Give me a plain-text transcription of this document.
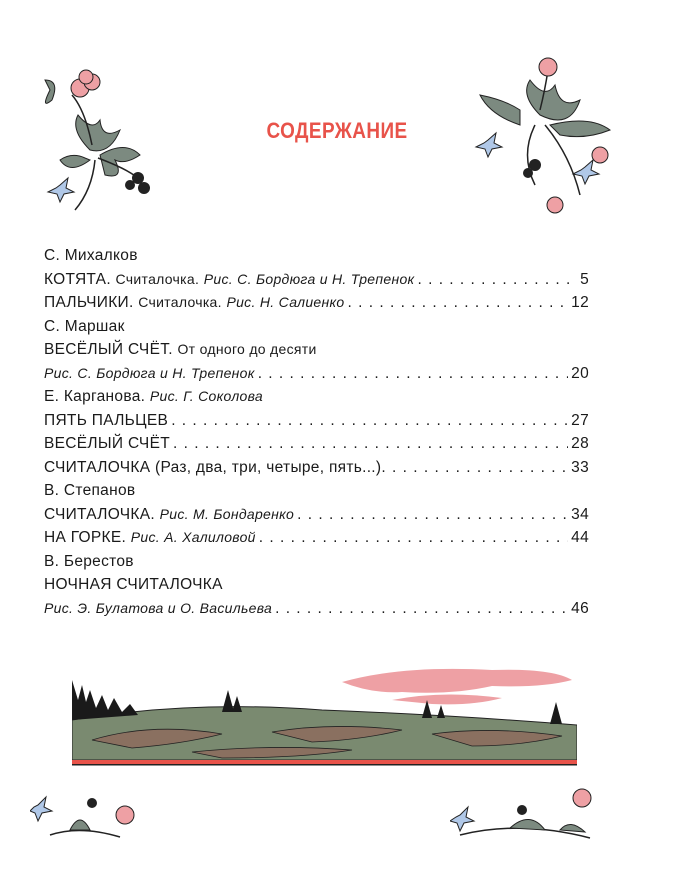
СОДЕРЖАНИЕ
С. Михалков
КОТЯТА. Считалочка. Рис. С. Бордюга и Н. Трепенок . . .	5
ПАЛЬЧИКИ. Считалочка. Рис. Н. Салиенко . . .	12
С. Маршак
ВЕСЁЛЫЙ СЧЁТ. От одного до десяти
Рис. С. Бордюга и Н. Трепенок . . .	20
Е. Карганова. Рис. Г. Соколова
ПЯТЬ ПАЛЬЦЕВ . . .	27
ВЕСЁЛЫЙ СЧЁТ . . .	28
СЧИТАЛОЧКА (Раз, два, три, четыре, пять...) . . .	33
В. Степанов
СЧИТАЛОЧКА. Рис. М. Бондаренко . . .	34
НА ГОРКЕ. Рис. А. Халиловой . . .	44
В. Берестов
НОЧНАЯ СЧИТАЛОЧКА
Рис. Э. Булатова и О. Васильева . . .	46
